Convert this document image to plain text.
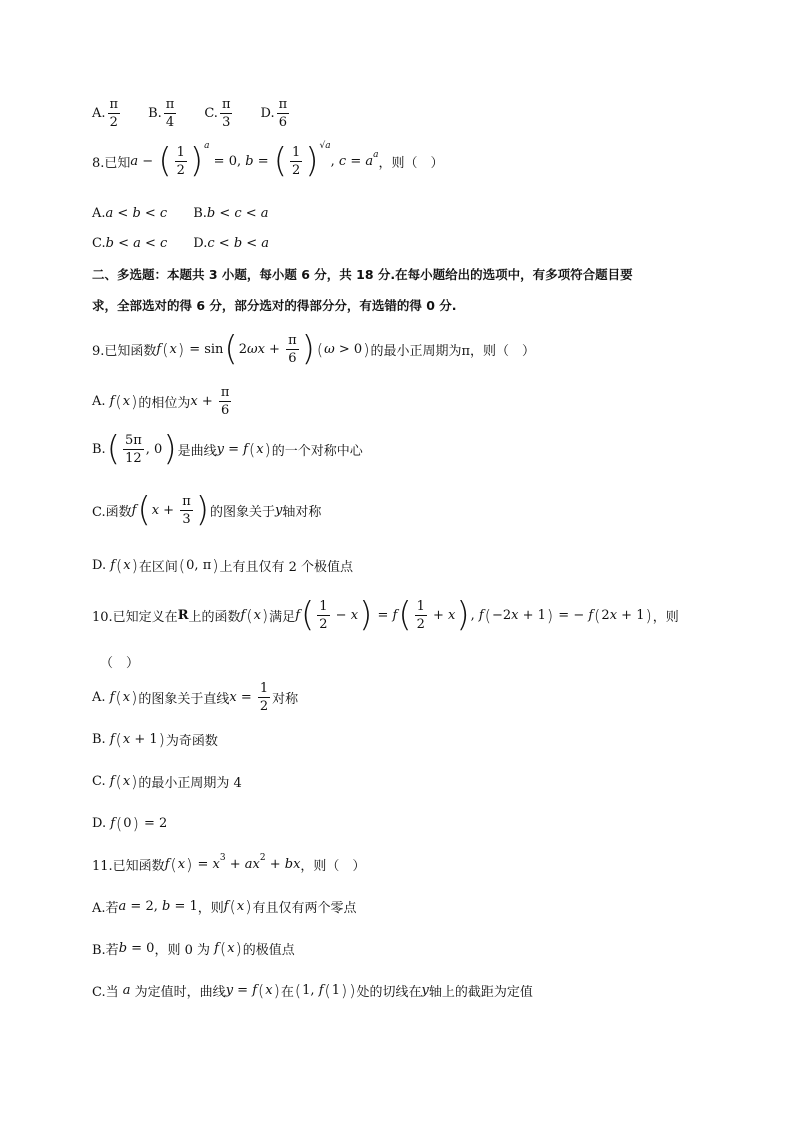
A. $\frac{\pi}{2} B$. $\frac{\pi}{4} C$. $\frac{\pi}{3} D$. $\frac{\pi}{6}$
8.已知 a − ( $\frac{1}{2}$ ) a
= 0, b = ( $\frac{1}{2}$ ) √a
, c = a a
，则（　）
A. a < b < c B. b < c < a
C. b < a < c D. c < b < a
二、多选题：本题共 3 小题，每小题 6 分，共 18 分.在每小题给出的选项中，有多项符合题目要
求，全部选对的得 6 分，部分选对的得部分分，有选错的得 0 分.
9.已知函数 f ( x ) = sin ( 2 $\omega x + \frac{\pi}{6}$ ) ( ω > 0 ) 的最小正周期为π，则（　）
A.
f ( x ) 的相位为 $x + \frac{\pi}{6}$
B. ( $\frac{5\pi}{12}$ , 0 ) 是曲线 y = f ( x ) 的一个对称中心
C.函数 f ( $x + \frac{\pi}{3}$ ) 的图象关于 y 轴对称
D.
f ( x ) 在区间 ( 0, π ) 上有且仅有 2 个极值点
10.已知定义在 R 上的函数 f ( x ) 满足 f ( $\frac{1}{2} - x$ ) = f ( $\frac{1}{2} + x$ ) , f ( −2 x + 1 ) = − f ( 2 x + 1 ) ，则
（　）
A.
f ( x ) 的图象关于直线 $x = \frac{1}{2}$ 对称
B.
f ( x + 1 ) 为奇函数
C.
f ( x ) 的最小正周期为 4
D.
f ( 0 ) = 2
11.已知函数 f ( x ) = x 3 + ax 2 + bx ，则（　）
A.若 a = 2, b = 1 ，则 f ( x ) 有且仅有两个零点
B.若 b = 0 ，则 0 为
f ( x ) 的极值点
C.当
a
为定值时，曲线 y = f ( x ) 在 ( 1, f ( 1 ) ) 处的切线在 y 轴上的截距为定值
